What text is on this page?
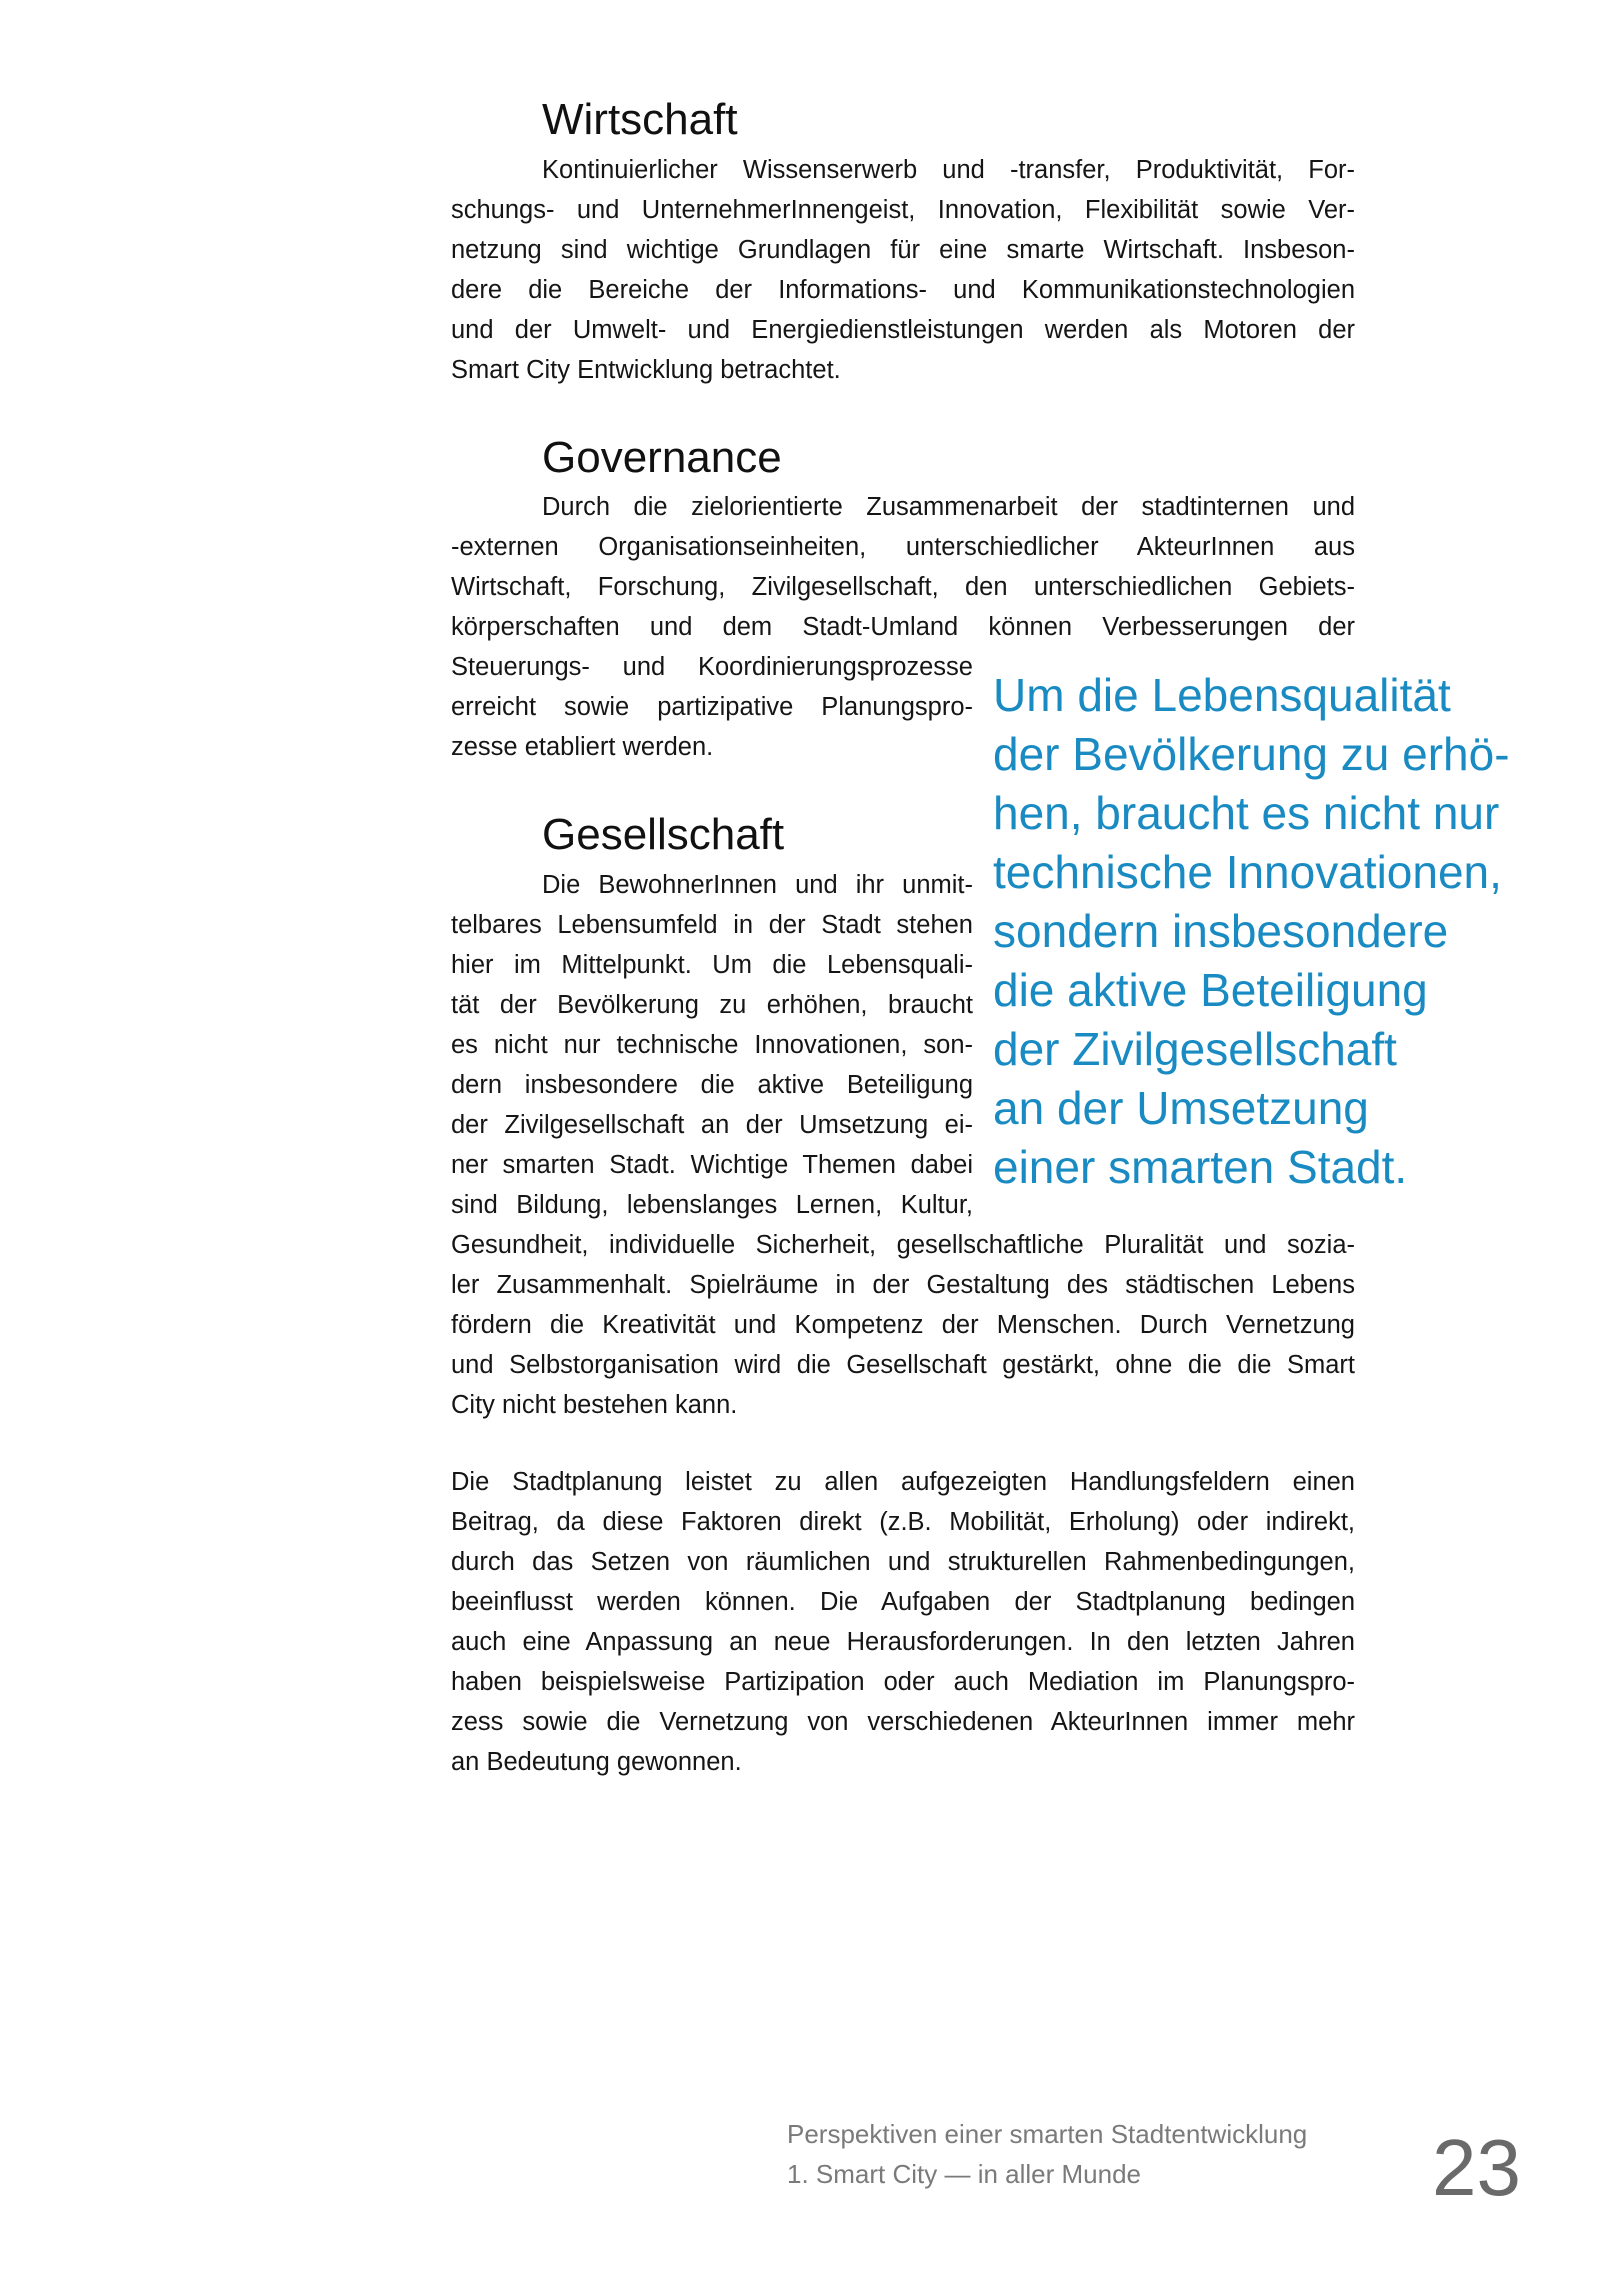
Wirtschaft
Kontinuierlicher Wissenserwerb und -transfer, Produktivität, For-
schungs- und UnternehmerInnengeist, Innovation, Flexibilität sowie Ver-
netzung sind wichtige Grundlagen für eine smarte Wirtschaft. Insbeson-
dere die Bereiche der Informations- und Kommunikationstechnologien
und der Umwelt- und Energiedienstleistungen werden als Motoren der
Smart City Entwicklung betrachtet.
Governance
Durch die zielorientierte Zusammenarbeit der stadtinternen und
-externen Organisationseinheiten, unterschiedlicher AkteurInnen aus
Wirtschaft, Forschung, Zivilgesellschaft, den unterschiedlichen Gebiets-
körperschaften und dem Stadt-Umland können Verbesserungen der
Steuerungs- und Koordinierungsprozesse
erreicht sowie partizipative Planungspro-
zesse etabliert werden.
Gesellschaft
Die BewohnerInnen und ihr unmit-
telbares Lebensumfeld in der Stadt stehen
hier im Mittelpunkt. Um die Lebensquali-
tät der Bevölkerung zu erhöhen, braucht
es nicht nur technische Innovationen, son-
dern insbesondere die aktive Beteiligung
der Zivilgesellschaft an der Umsetzung ei-
ner smarten Stadt. Wichtige Themen dabei
sind Bildung, lebenslanges Lernen, Kultur,
Gesundheit, individuelle Sicherheit, gesellschaftliche Pluralität und sozia-
ler Zusammenhalt. Spielräume in der Gestaltung des städtischen Lebens
fördern die Kreativität und Kompetenz der Menschen. Durch Vernetzung
und Selbstorganisation wird die Gesellschaft gestärkt, ohne die die Smart
City nicht bestehen kann.
Die Stadtplanung leistet zu allen aufgezeigten Handlungsfeldern einen
Beitrag, da diese Faktoren direkt (z.B. Mobilität, Erholung) oder indirekt,
durch das Setzen von räumlichen und strukturellen Rahmenbedingungen,
beeinflusst werden können. Die Aufgaben der Stadtplanung bedingen
auch eine Anpassung an neue Herausforderungen. In den letzten Jahren
haben beispielsweise Partizipation oder auch Mediation im Planungspro-
zess sowie die Vernetzung von verschiedenen AkteurInnen immer mehr
an Bedeutung gewonnen.
Um die Lebensqualität
der Bevölkerung zu erhö-
hen, braucht es nicht nur
technische Innovationen,
sondern insbesondere
die aktive Beteiligung
der Zivilgesellschaft
an der Umsetzung
einer smarten Stadt.
Perspektiven einer smarten Stadtentwicklung
1. Smart City — in aller Munde	23
